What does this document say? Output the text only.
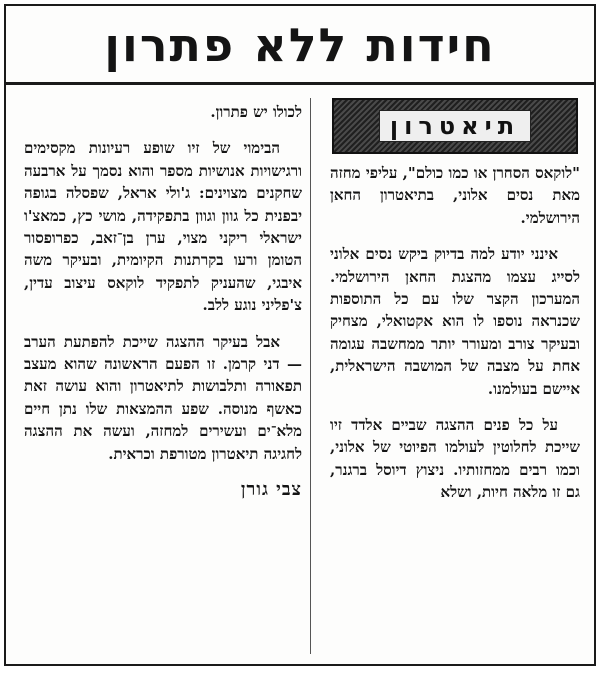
חידות ללא פתרון
תיאטרון

"לוקאס הסחרן או כמו כולם", עליפי מחזה מאת נסים אלוני, בתיאטרון החאן הירושלמי.

אינני יודע למה בדיוק ביקש נסים אלוני לסייג עצמו מהצגת החאן הירושלמי. המערכון הקצר שלו עם כל התוספות שכנראה נוספו לו הוא אקטואלי, מצחיק ובעיקר צורב ומעורר יותר ממחשבה עגומה אחת על מצבה של המושבה הישראלית, איישם בעולמנו.

על כל פנים ההצגה שביים אלדד זיו שייכת לחלוטין לעולמו הפיוטי של אלוני, וכמו רבים ממחזותיו. ניצוץ דיוסל ברגנר, גם זו מלאה חיות, ושלא

לכולו יש פתרון.

הבימוי של זיו שופע רעיונות מקסימים ורגישויות אנושיות מספר והוא נסמך על ארבעה שחקנים מצוינים: ג'ולי אראל, שפסלה בגופה יבפנית כל גוון וגוון בתפקידה, מושי כץ, כמאצ'ו ישראלי ריקני מצוי, ערן בן־זאב, כפרופסור הטומן ורעו בקרתנות הקיומית, ובעיקר משה איבגי, שהעניק לתפקיד לוקאס עיצוב עדין, צ'פליני נוגע ללב.

אבל בעיקר ההצגה שייכת להפתעת הערב — דני קרמן. זו הפעם הראשונה שהוא מעצב תפאורה ותלבושות לתיאטרון והוא עושה זאת כאשף מנוסה. שפע ההמצאות שלו נתן חיים מלא־ים ועשירים למחזה, ועשה את ההצגה לחגיגה תיאטרון מטורפת וכראית.

צבי גורן
